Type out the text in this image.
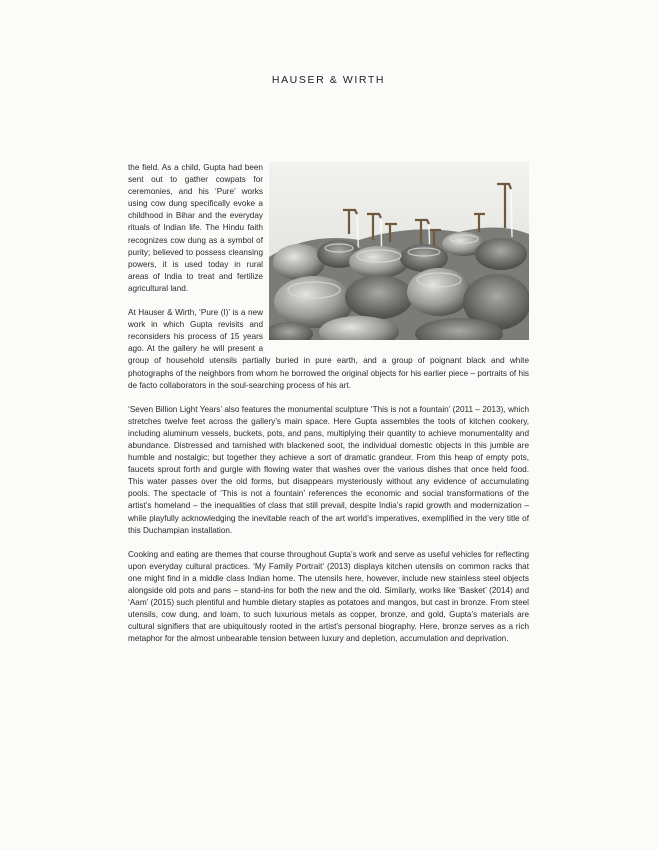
HAUSER & WIRTH

the field. As a child, Gupta had been sent out to gather cowpats for ceremonies, and his ‘Pure’ works using cow dung specifically evoke a childhood in Bihar and the everyday rituals of Indian life. The Hindu faith recognizes cow dung as a symbol of purity; believed to possess cleansing powers, it is used today in rural areas of India to treat and fertilize agricultural land.

At Hauser & Wirth, ‘Pure (I)’ is a new work in which Gupta revisits and reconsiders his process of 15 years ago. At the gallery he will present a group of household utensils partially buried in pure earth, and a group of poignant black and white photographs of the neighbors from whom he borrowed the original objects for his earlier piece – portraits of his de facto collaborators in the soul-searching process of his art.

‘Seven Billion Light Years’ also features the monumental sculpture ‘This is not a fountain’ (2011 – 2013), which stretches twelve feet across the gallery’s main space. Here Gupta assembles the tools of kitchen cookery, including aluminum vessels, buckets, pots, and pans, multiplying their quantity to achieve monumentality and abundance. Distressed and tarnished with blackened soot, the individual domestic objects in this jumble are humble and nostalgic; but together they achieve a sort of dramatic grandeur. From this heap of empty pots, faucets sprout forth and gurgle with flowing water that washes over the various dishes that once held food. This water passes over the old forms, but disappears mysteriously without any evidence of accumulating pools. The spectacle of ‘This is not a fountain’ references the economic and social transformations of the artist’s homeland – the inequalities of class that still prevail, despite India’s rapid growth and modernization – while playfully acknowledging the inevitable reach of the art world’s imperatives, exemplified in the very title of this Duchampian installation.

Cooking and eating are themes that course throughout Gupta’s work and serve as useful vehicles for reflecting upon everyday cultural practices. ‘My Family Portrait’ (2013) displays kitchen utensils on common racks that one might find in a middle class Indian home. The utensils here, however, include new stainless steel objects alongside old pots and pans – stand-ins for both the new and the old. Similarly, works like ‘Basket’ (2014) and ‘Aam’ (2015) such plentiful and humble dietary staples as potatoes and mangos, but cast in bronze. From steel utensils, cow dung, and loam, to such luxurious metals as copper, bronze, and gold, Gupta’s materials are cultural signifiers that are ubiquitously rooted in the artist’s personal biography. Here, bronze serves as a rich metaphor for the almost unbearable tension between luxury and depletion, accumulation and deprivation.
